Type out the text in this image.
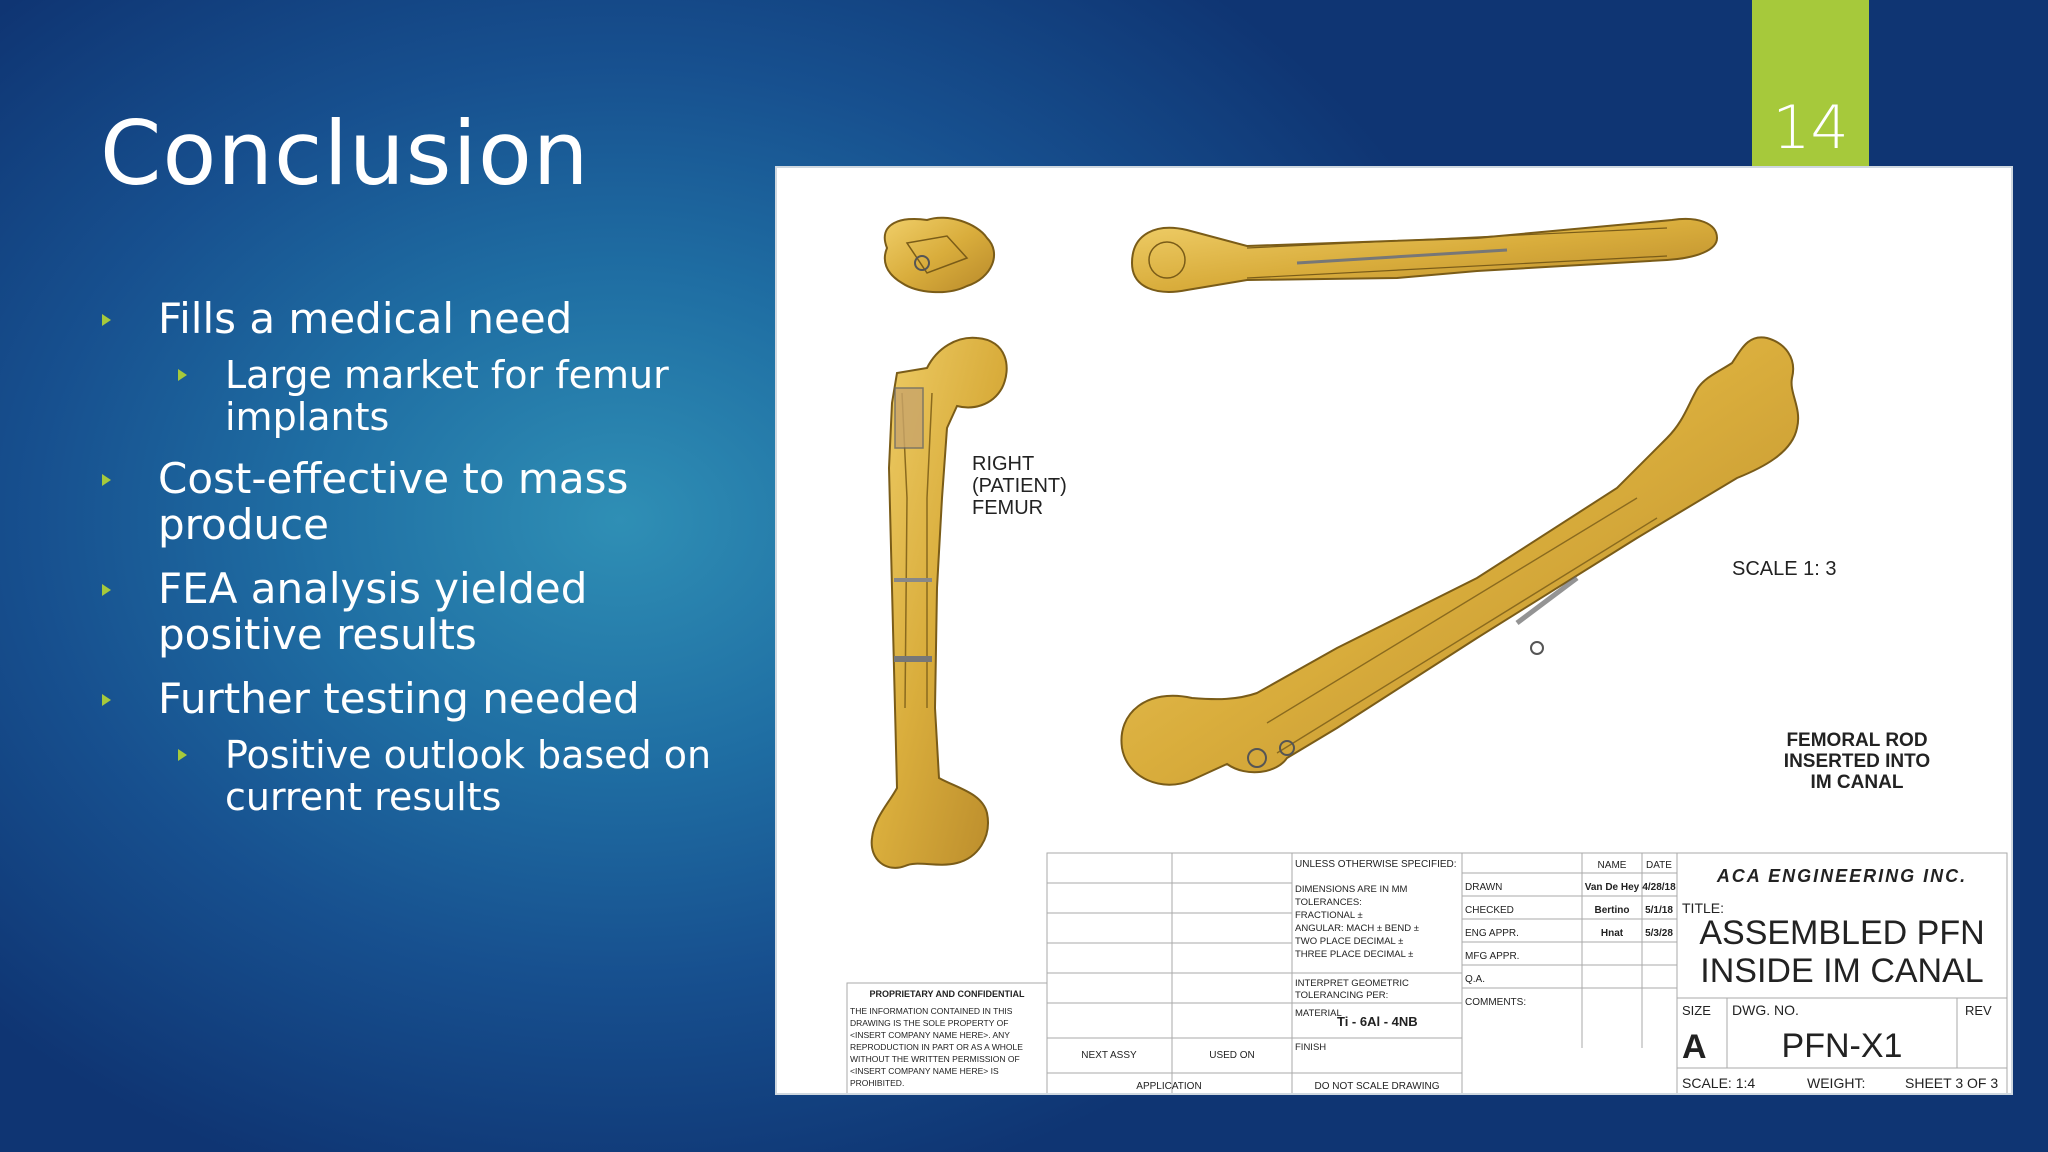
14
Conclusion
Fills a medical need
Large market for femur implants
Cost-effective to mass produce
FEA analysis yielded positive results
Further testing needed
Positive outlook based on current results
RIGHT
(PATIENT)
FEMUR
SCALE 1: 3
FEMORAL ROD
INSERTED INTO
IM CANAL
PROPRIETARY AND CONFIDENTIAL
THE INFORMATION CONTAINED IN THIS
DRAWING IS THE SOLE PROPERTY OF
<INSERT COMPANY NAME HERE>. ANY
REPRODUCTION IN PART OR AS A WHOLE
WITHOUT THE WRITTEN PERMISSION OF
<INSERT COMPANY NAME HERE> IS
PROHIBITED.
NEXT ASSY	USED ON
APPLICATION
UNLESS OTHERWISE SPECIFIED:
DIMENSIONS ARE IN MM
TOLERANCES:
FRACTIONAL ±
ANGULAR: MACH ± BEND ±
TWO PLACE DECIMAL ±
THREE PLACE DECIMAL ±
INTERPRET GEOMETRIC
TOLERANCING PER:
MATERIAL
Ti - 6Al - 4NB
FINISH
DO NOT SCALE DRAWING
NAME DATE
DRAWN	Van De Hey 4/28/18
CHECKED	Bertino 5/1/18
ENG APPR.	Hnat 5/3/28
MFG APPR.
Q.A.
COMMENTS:
ACA ENGINEERING INC.
TITLE:
ASSEMBLED PFN
INSIDE IM CANAL
SIZE
A
DWG. NO.
PFN-X1
REV
SCALE: 1:4	WEIGHT:	SHEET 3 OF 3
